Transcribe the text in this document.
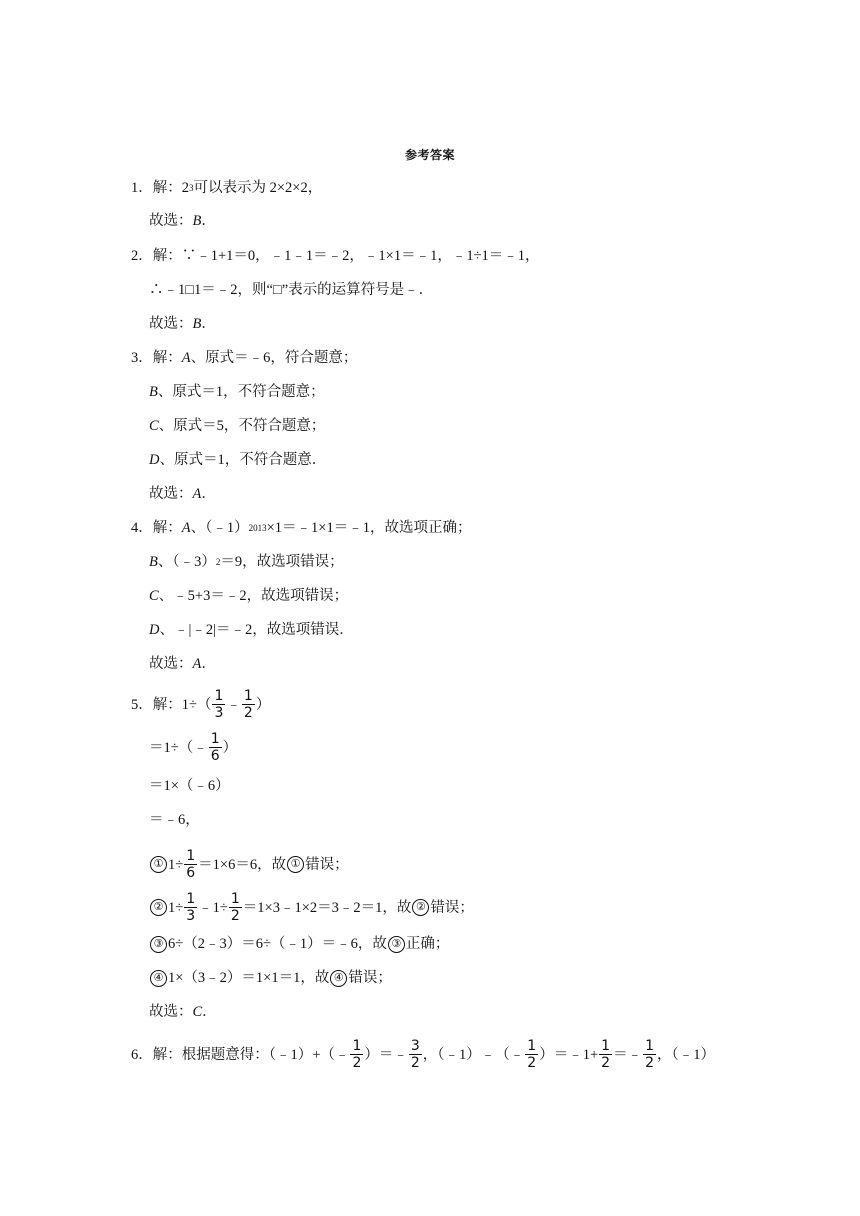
参考答案
1． 解：2 3 可以表示为 2×2×2，
故选： B ．
2． 解：∵﹣1+1＝0，﹣1﹣1＝﹣2，﹣1×1＝﹣1，﹣1÷1＝﹣1，
∴﹣1□1＝﹣2，则“□”表示的运算符号是﹣．
故选： B ．
3． 解： A 、原式＝﹣6，符合题意；
B 、原式＝1，不符合题意；
C 、原式＝5，不符合题意；
D 、原式＝1，不符合题意．
故选： A ．
4． 解： A 、（﹣1） 2013 ×1＝﹣1×1＝﹣1，故选项正确；
B 、（﹣3） 2 ＝9，故选项错误；
C 、﹣5+3＝﹣2，故选项错误；
D 、﹣|﹣2|＝﹣2，故选项错误．
故选： A ．
5． 解：$1\div( \frac{1}{3}$ ﹣ $\frac{1}{2}$ ）
＝1÷（﹣ $\frac{1}{6}$ ）
＝1×（﹣6）
＝﹣6，
① $1\div \frac{1}{6} =1\times 6=6$，故 ① 错误；
② $1\div \frac{1}{3}$ ﹣1÷ $\frac{1}{2}$ ＝1×3﹣1×2＝3﹣2＝1，故 ② 错误；
③ 6÷（2﹣3）＝6÷（﹣1）＝﹣6，故 ③ 正确；
④ 1×（3﹣2）＝1×1＝1，故 ④ 错误；
故选： C ．
6． 解：根据题意得：（﹣1）+（﹣ $\frac{1}{2}$ ）＝﹣ $\frac{3}{2}$ ，（﹣1）﹣（﹣ $\frac{1}{2}$ ）＝﹣1+ $\frac{1}{2}$ ＝﹣ $\frac{1}{2}$ ，（﹣1）
